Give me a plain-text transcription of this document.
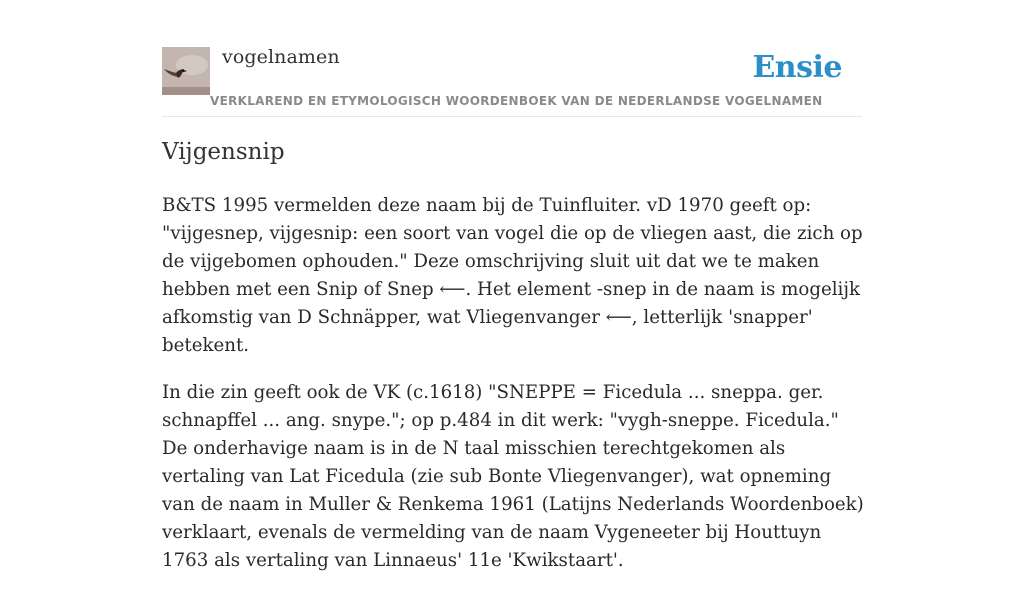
vogelnamen	Ensie
VERKLAREND EN ETYMOLOGISCH WOORDENBOEK VAN DE NEDERLANDSE VOGELNAMEN
Vijgensnip

B&TS 1995 vermelden deze naam bij de Tuinfluiter. vD 1970 geeft op: "vijgesnep, vijgesnip: een soort van vogel die op de vliegen aast, die zich op de vijgebomen ophouden." Deze omschrijving sluit uit dat we te maken hebben met een Snip of Snep ⟵. Het element -snep in de naam is mogelijk afkomstig van D Schnäpper, wat Vliegenvanger ⟵, letterlijk 'snapper' betekent.

In die zin geeft ook de VK (c.1618) "SNEPPE = Ficedula ... sneppa. ger. schnapffel ... ang. snype."; op p.484 in dit werk: "vygh-sneppe. Ficedula." De onderhavige naam is in de N taal misschien terechtgekomen als vertaling van Lat Ficedula (zie sub Bonte Vliegenvanger), wat opneming van de naam in Muller & Renkema 1961 (Latijns Nederlands Woordenboek) verklaart, evenals de vermelding van de naam Vygeneeter bij Houttuyn 1763 als vertaling van Linnaeus' 11e 'Kwikstaart'.
